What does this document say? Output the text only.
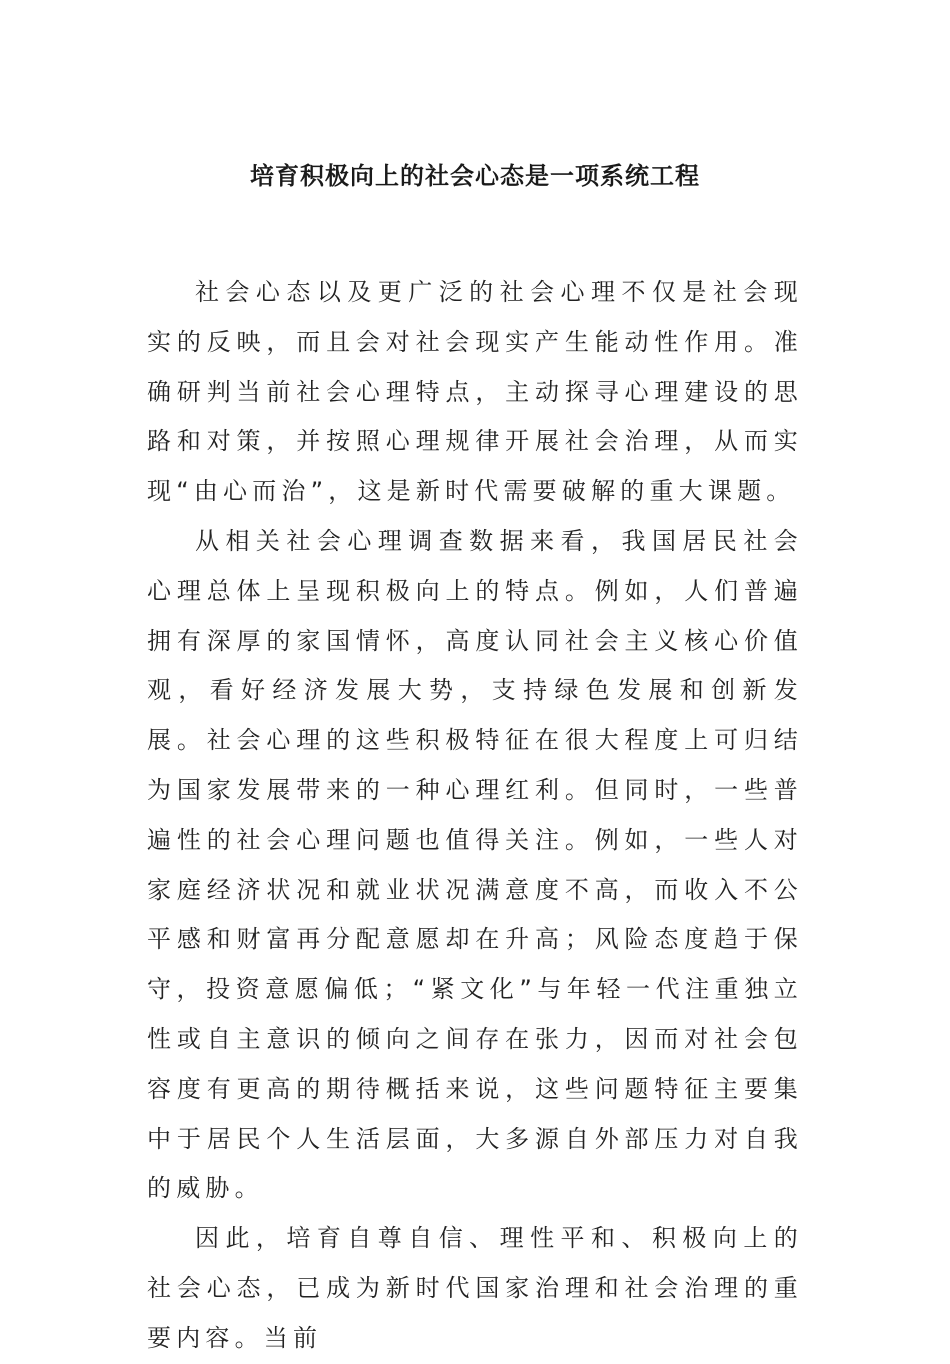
培育积极向上的社会心态是一项系统工程

社会心态以及更广泛的社会心理不仅是社会现实的反映，而且会对社会现实产生能动性作用。准确研判当前社会心理特点，主动探寻心理建设的思路和对策，并按照心理规律开展社会治理，从而实现“由心而治”，这是新时代需要破解的重大课题。

从相关社会心理调查数据来看，我国居民社会心理总体上呈现积极向上的特点。例如，人们普遍拥有深厚的家国情怀，高度认同社会主义核心价值观，看好经济发展大势，支持绿色发展和创新发展。社会心理的这些积极特征在很大程度上可归结为国家发展带来的一种心理红利。但同时，一些普遍性的社会心理问题也值得关注。例如，一些人对家庭经济状况和就业状况满意度不高，而收入不公平感和财富再分配意愿却在升高；风险态度趋于保守，投资意愿偏低；“紧文化”与年轻一代注重独立性或自主意识的倾向之间存在张力，因而对社会包容度有更高的期待概括来说，这些问题特征主要集中于居民个人生活层面，大多源自外部压力对自我的威胁。

因此，培育自尊自信、理性平和、积极向上的社会心态，已成为新时代国家治理和社会治理的重要内容。当前
